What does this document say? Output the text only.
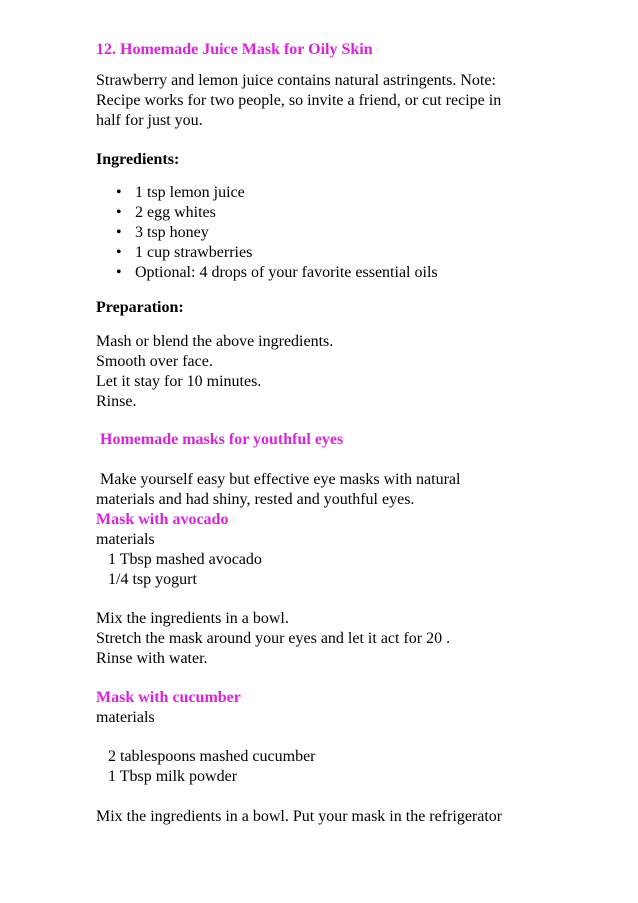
12. Homemade Juice Mask for Oily Skin
Strawberry and lemon juice contains natural astringents. Note:
Recipe works for two people, so invite a friend, or cut recipe in
half for just you.
Ingredients:
• 1 tsp lemon juice
• 2 egg whites
• 3 tsp honey
• 1 cup strawberries
• Optional: 4 drops of your favorite essential oils
Preparation:
Mash or blend the above ingredients.
Smooth over face.
Let it stay for 10 minutes.
Rinse.
Homemade masks for youthful eyes
Make yourself easy but effective eye masks with natural
materials and had shiny, rested and youthful eyes.
Mask with avocado
materials
1 Tbsp mashed avocado
1/4 tsp yogurt
Mix the ingredients in a bowl.
Stretch the mask around your eyes and let it act for 20 .
Rinse with water.
Mask with cucumber
materials
2 tablespoons mashed cucumber
1 Tbsp milk powder
Mix the ingredients in a bowl. Put your mask in the refrigerator
